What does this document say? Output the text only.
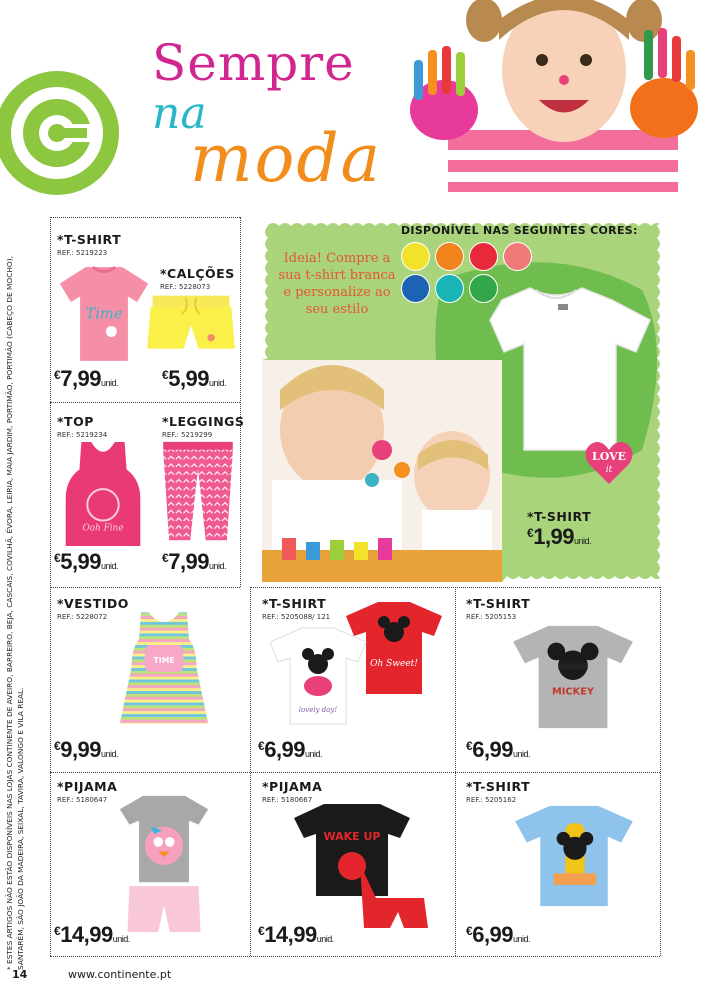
Sempre
na
moda
* ESTES ARTIGOS NÃO ESTÃO DISPONÍVEIS NAS LOJAS CONTINENTE DE AVEIRO, BARREIRO, BEJA, CASCAIS, COVILHÃ, ÉVORA, LEIRIA, MAIA JARDIM, PORTIMÃO, PORTIMÃO (CABEÇO DE MOCHO), SANTARÉM, SÃO JOÃO DA MADEIRA, SEIXAL, TAVIRA, VALONGO E VILA REAL.
*T-SHIRT
REF.: 5219223
Time
€7,99unid.
*CALÇÕES
REF.: 5228073
€5,99unid.
*TOP
REF.: 5219234
Ooh Fine
€5,99unid.
*LEGGINGS
REF.: 5219299
€7,99unid.
DISPONÍVEL NAS SEGUINTES CORES:
Ideia! Compre a sua t-shirt branca e personalize ao seu estilo
LOVE
it
*T-SHIRT
€1,99unid.
*VESTIDO
REF.: 5228072
TIME
€9,99unid.
*T-SHIRT
REF.: 5205088/ 121
Oh Sweet!
lovely day!
€6,99unid.
*T-SHIRT
REF.: 5205153
MICKEY
€6,99unid.
*PIJAMA
REF.: 5180647
€14,99unid.
*PIJAMA
REF.: 5180667
WAKE UP
€14,99unid.
*T-SHIRT
REF.: 5205162
€6,99unid.
14	www.continente.pt
